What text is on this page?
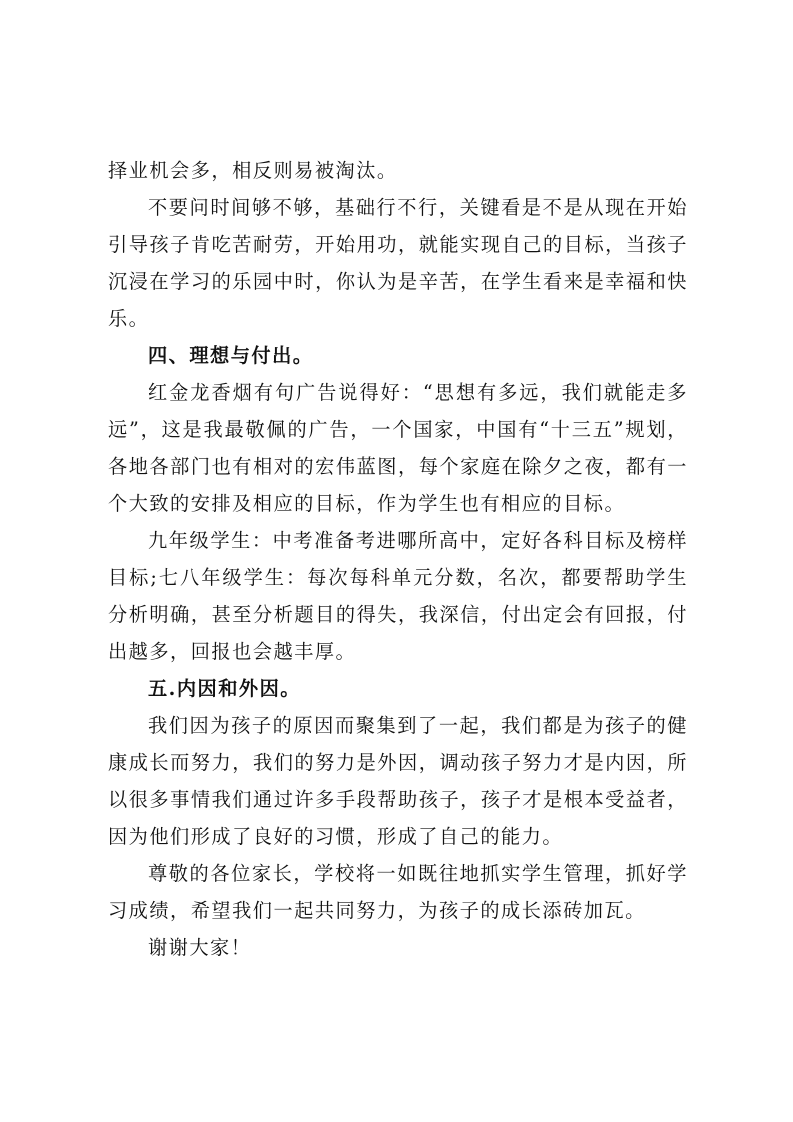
择业机会多，相反则易被淘汰。

不要问时间够不够，基础行不行，关键看是不是从现在开始引导孩子肯吃苦耐劳，开始用功，就能实现自己的目标，当孩子沉浸在学习的乐园中时，你认为是辛苦，在学生看来是幸福和快乐。

四、理想与付出。

红金龙香烟有句广告说得好：“思想有多远，我们就能走多远”，这是我最敬佩的广告，一个国家，中国有“十三五”规划，各地各部门也有相对的宏伟蓝图，每个家庭在除夕之夜，都有一个大致的安排及相应的目标，作为学生也有相应的目标。

九年级学生：中考准备考进哪所高中，定好各科目标及榜样目标;七八年级学生：每次每科单元分数，名次，都要帮助学生分析明确，甚至分析题目的得失，我深信，付出定会有回报，付出越多，回报也会越丰厚。

五.内因和外因。

我们因为孩子的原因而聚集到了一起，我们都是为孩子的健康成长而努力，我们的努力是外因，调动孩子努力才是内因，所以很多事情我们通过许多手段帮助孩子，孩子才是根本受益者，因为他们形成了良好的习惯，形成了自己的能力。

尊敬的各位家长，学校将一如既往地抓实学生管理，抓好学习成绩，希望我们一起共同努力，为孩子的成长添砖加瓦。

谢谢大家！
